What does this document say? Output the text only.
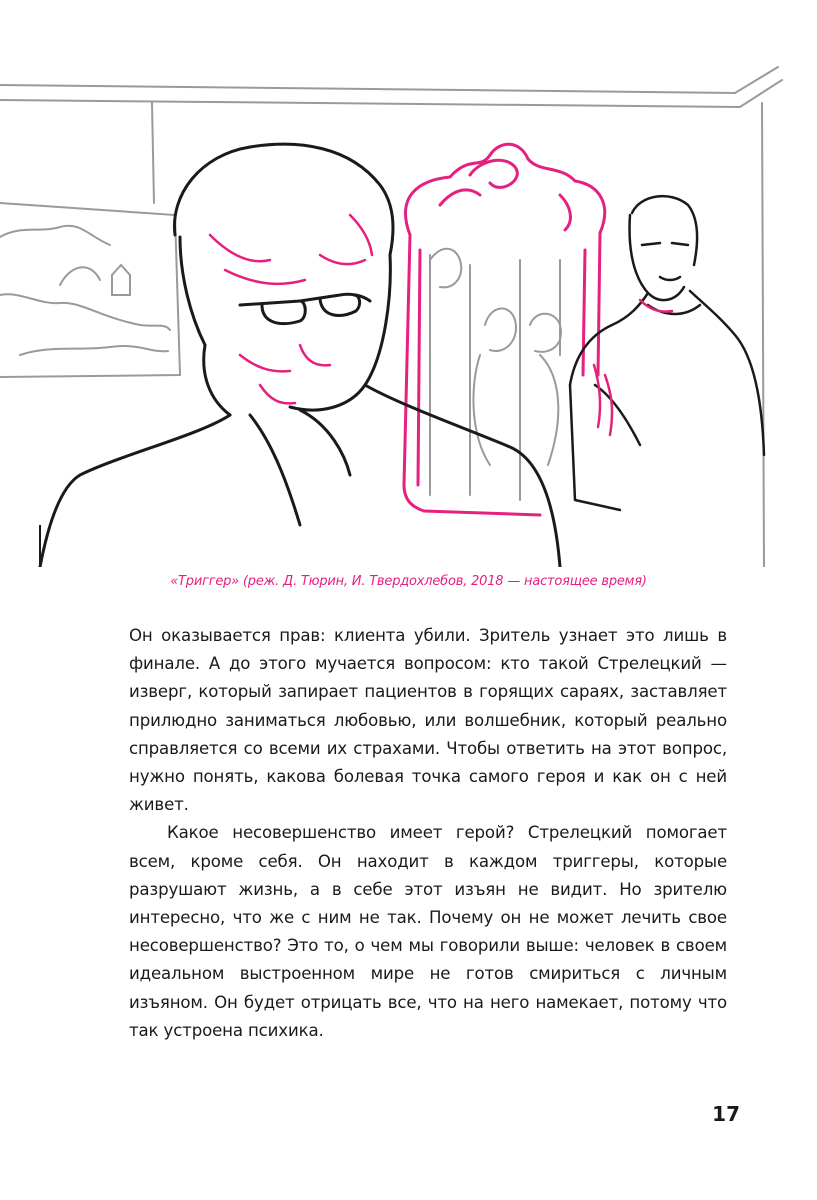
«Триггер» (реж. Д. Тюрин, И. Твердохлебов, 2018 — настоящее время)

Он оказывается прав: клиента убили. Зритель узнает это лишь в финале. А до этого мучается вопросом: кто такой Стрелецкий — изверг, который запирает пациентов в горящих сараях, заставляет прилюдно заниматься любовью, или волшебник, который реально справляется со всеми их страхами. Чтобы ответить на этот вопрос, нужно понять, какова болевая точка самого героя и как он с ней живет.

Какое несовершенство имеет герой? Стрелецкий помогает всем, кроме себя. Он находит в каждом триггеры, которые разрушают жизнь, а в себе этот изъян не видит. Но зрителю интересно, что же с ним не так. Почему он не может лечить свое несовершенство? Это то, о чем мы говорили выше: человек в своем идеальном выстроенном мире не готов смириться с личным изъяном. Он будет отрицать все, что на него намекает, потому что так устроена психика.

17
